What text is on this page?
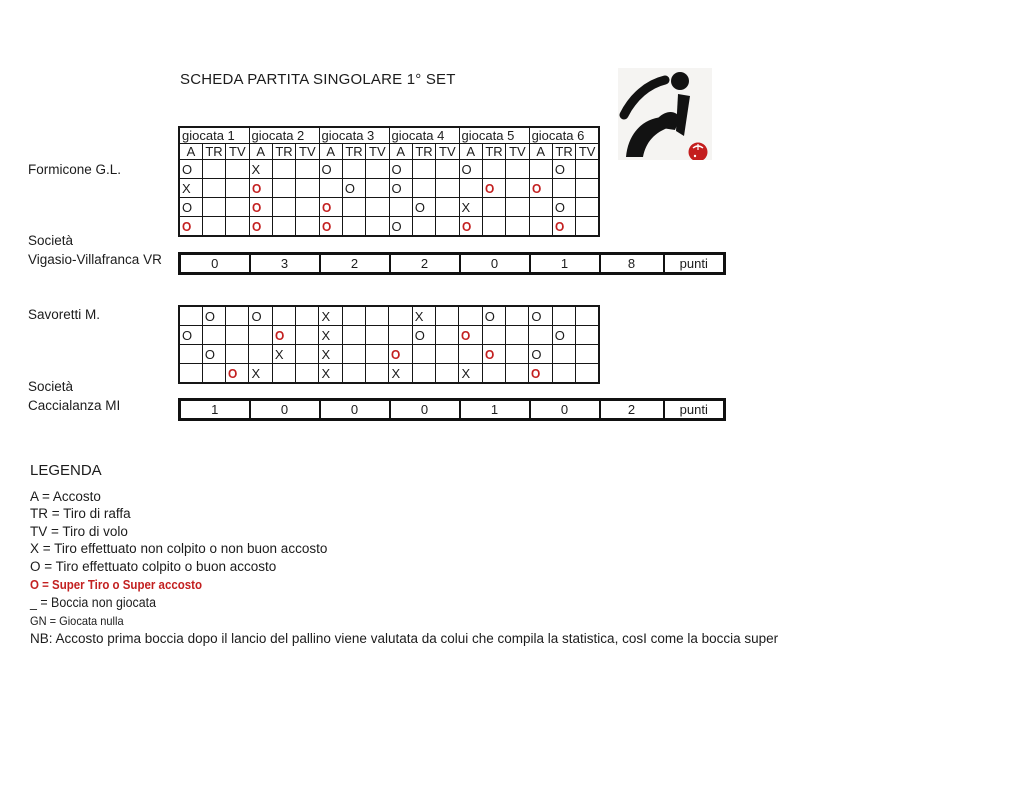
SCHEDA PARTITA SINGOLARE 1° SET
Formicone G.L.
giocata 1			giocata 2			giocata 3			giocata 4			giocata 5			giocata 6		
A	TR	TV	A	TR	TV	A	TR	TV	A	TR	TV	A	TR	TV	A	TR	TV
O			X			O			O			O				O	
X			O				O		O				O		O		
O			O			O				O		X				O	
O			O			O			O			O				O	
Società
Vigasio-Villafranca VR	0	3	2	2	0	1	8	punti
Savoretti M.
		O		O			X				X			O		O		
O				O		X				O		O				O	
	O			X		X			O				O		O		
		O	X			X			X			X			O		
Società
Caccialanza MI	1	0	0	0	1	0	2	punti
LEGENDA
A = Accosto
TR = Tiro di raffa
TV = Tiro di volo
X = Tiro effettuato non colpito o non buon accosto
O = Tiro effettuato colpito o buon accosto
O = Super Tiro o Super accosto
_ = Boccia non giocata
GN = Giocata nulla
NB: Accosto prima boccia dopo il lancio del pallino viene valutata da colui che compila la statistica, cosI come la boccia super
